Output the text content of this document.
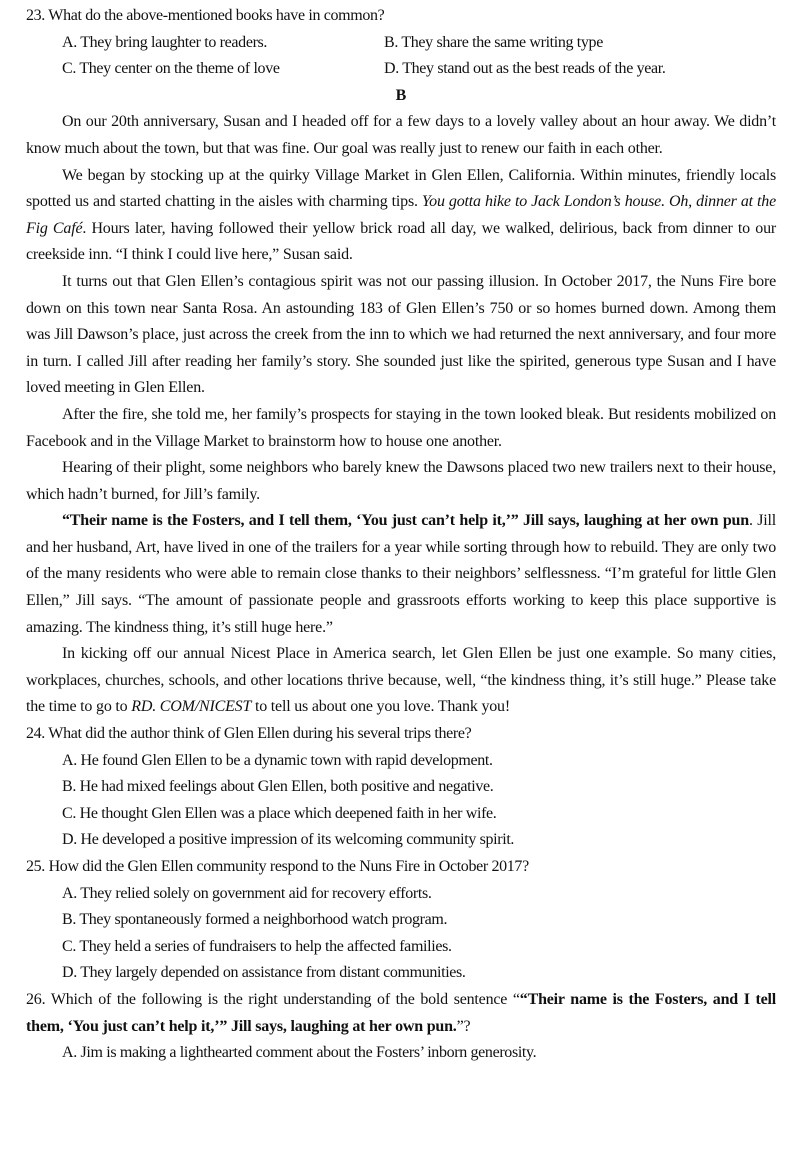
23. What do the above-mentioned books have in common?
A. They bring laughter to readers.	B. They share the same writing type
C. They center on the theme of love	D. They stand out as the best reads of the year.
B

On our 20th anniversary, Susan and I headed off for a few days to a lovely valley about an hour away. We didn’t know much about the town, but that was fine. Our goal was really just to renew our faith in each other.

We began by stocking up at the quirky Village Market in Glen Ellen, California. Within minutes, friendly locals spotted us and started chatting in the aisles with charming tips. You gotta hike to Jack London’s house. Oh, dinner at the Fig Café. Hours later, having followed their yellow brick road all day, we walked, delirious, back from dinner to our creekside inn. “I think I could live here,” Susan said.

It turns out that Glen Ellen’s contagious spirit was not our passing illusion. In October 2017, the Nuns Fire bore down on this town near Santa Rosa. An astounding 183 of Glen Ellen’s 750 or so homes burned down. Among them was Jill Dawson’s place, just across the creek from the inn to which we had returned the next anniversary, and four more in turn. I called Jill after reading her family’s story. She sounded just like the spirited, generous type Susan and I have loved meeting in Glen Ellen.

After the fire, she told me, her family’s prospects for staying in the town looked bleak. But residents mobilized on Facebook and in the Village Market to brainstorm how to house one another.

Hearing of their plight, some neighbors who barely knew the Dawsons placed two new trailers next to their house, which hadn’t burned, for Jill’s family.

“Their name is the Fosters, and I tell them, ‘You just can’t help it,’” Jill says, laughing at her own pun. Jill and her husband, Art, have lived in one of the trailers for a year while sorting through how to rebuild. They are only two of the many residents who were able to remain close thanks to their neighbors’ selflessness. “I’m grateful for little Glen Ellen,” Jill says. “The amount of passionate people and grassroots efforts working to keep this place supportive is amazing. The kindness thing, it’s still huge here.”

In kicking off our annual Nicest Place in America search, let Glen Ellen be just one example. So many cities, workplaces, churches, schools, and other locations thrive because, well, “the kindness thing, it’s still huge.” Please take the time to go to RD. COM/NICEST to tell us about one you love. Thank you!

24. What did the author think of Glen Ellen during his several trips there?
A. He found Glen Ellen to be a dynamic town with rapid development.
B. He had mixed feelings about Glen Ellen, both positive and negative.
C. He thought Glen Ellen was a place which deepened faith in her wife.
D. He developed a positive impression of its welcoming community spirit.
25. How did the Glen Ellen community respond to the Nuns Fire in October 2017?
A. They relied solely on government aid for recovery efforts.
B. They spontaneously formed a neighborhood watch program.
C. They held a series of fundraisers to help the affected families.
D. They largely depended on assistance from distant communities.
26. Which of the following is the right understanding of the bold sentence ““Their name is the Fosters, and I tell them, ‘You just can’t help it,’” Jill says, laughing at her own pun.”?
A. Jim is making a lighthearted comment about the Fosters’ inborn generosity.
